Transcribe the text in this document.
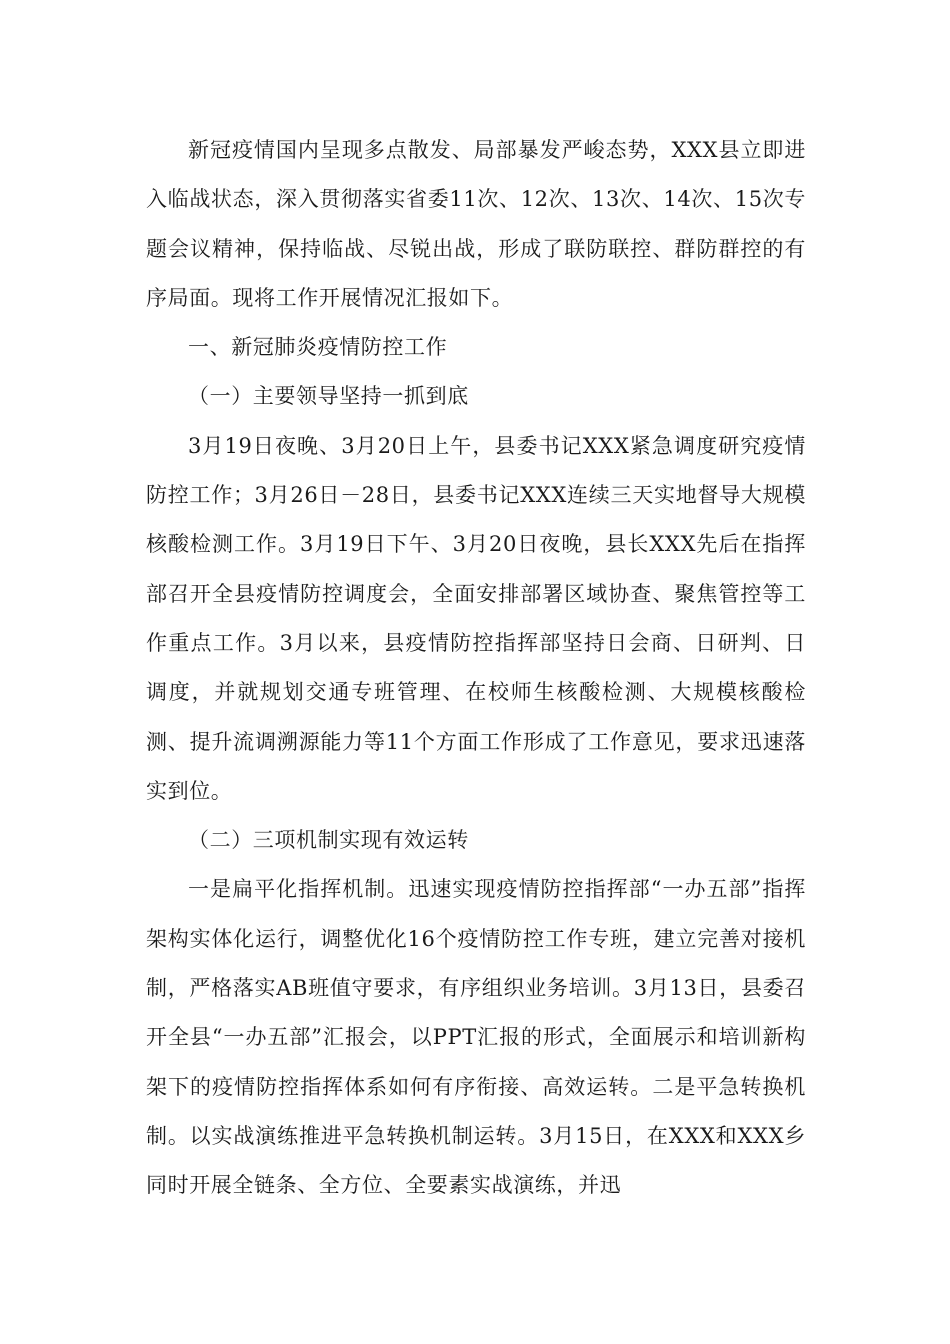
新冠疫情国内呈现多点散发、局部暴发严峻态势，XXX县立即进入临战状态，深入贯彻落实省委11次、12次、13次、14次、15次专题会议精神，保持临战、尽锐出战，形成了联防联控、群防群控的有序局面。现将工作开展情况汇报如下。

一、新冠肺炎疫情防控工作

（一）主要领导坚持一抓到底

3月19日夜晚、3月20日上午，县委书记XXX紧急调度研究疫情防控工作；3月26日－28日，县委书记XXX连续三天实地督导大规模核酸检测工作。3月19日下午、3月20日夜晚，县长XXX先后在指挥部召开全县疫情防控调度会，全面安排部署区域协查、聚焦管控等工作重点工作。3月以来，县疫情防控指挥部坚持日会商、日研判、日调度，并就规划交通专班管理、在校师生核酸检测、大规模核酸检测、提升流调溯源能力等11个方面工作形成了工作意见，要求迅速落实到位。

（二）三项机制实现有效运转

一是扁平化指挥机制。迅速实现疫情防控指挥部“一办五部”指挥架构实体化运行，调整优化16个疫情防控工作专班，建立完善对接机制，严格落实AB班值守要求，有序组织业务培训。3月13日，县委召开全县“一办五部”汇报会，以PPT汇报的形式，全面展示和培训新构架下的疫情防控指挥体系如何有序衔接、高效运转。二是平急转换机制。以实战演练推进平急转换机制运转。3月15日，在XXX和XXX乡同时开展全链条、全方位、全要素实战演练，并迅
